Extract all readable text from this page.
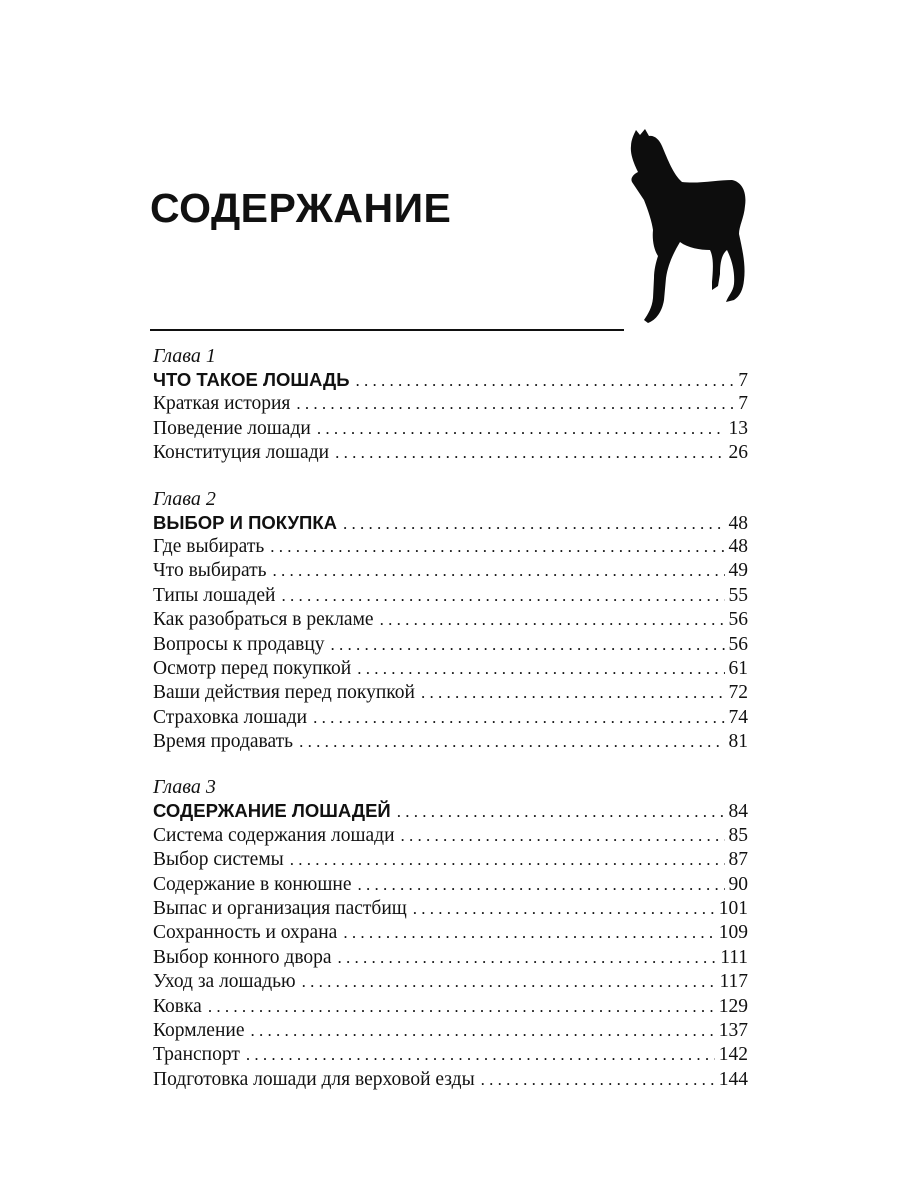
СОДЕРЖАНИЕ
Глава 1
ЧТО ТАКОЕ ЛОШАДЬ . . .	7
Краткая история . . .	7
Поведение лошади . . .	13
Конституция лошади . . .	26
Глава 2
ВЫБОР И ПОКУПКА . . .	48
Где выбирать . . .	48
Что выбирать . . .	49
Типы лошадей . . .	55
Как разобраться в рекламе . . .	56
Вопросы к продавцу . . .	56
Осмотр перед покупкой . . .	61
Ваши действия перед покупкой . . .	72
Страховка лошади . . .	74
Время продавать . . .	81
Глава 3
СОДЕРЖАНИЕ ЛОШАДЕЙ . . .	84
Система содержания лошади . . .	85
Выбор системы . . .	87
Содержание в конюшне . . .	90
Выпас и организация пастбищ . . .	101
Сохранность и охрана . . .	109
Выбор конного двора . . .	111
Уход за лошадью . . .	117
Ковка . . .	129
Кормление . . .	137
Транспорт . . .	142
Подготовка лошади для верховой езды . . .	144
